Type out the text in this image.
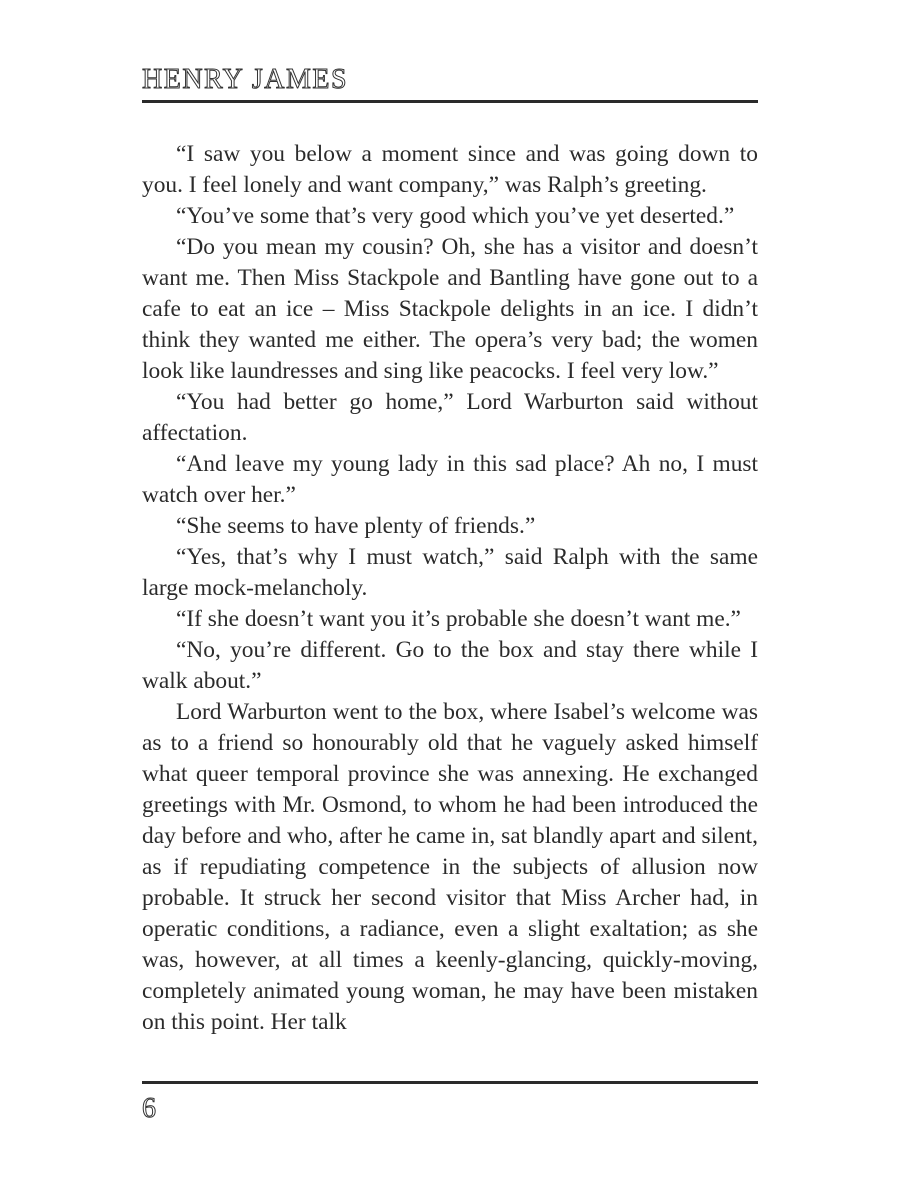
HENRY JAMES

“I saw you below a moment since and was going down to you. I feel lonely and want company,” was Ralph’s greeting.

“You’ve some that’s very good which you’ve yet deserted.”

“Do you mean my cousin? Oh, she has a visitor and doesn’t want me. Then Miss Stackpole and Bantling have gone out to a cafe to eat an ice – Miss Stackpole delights in an ice. I didn’t think they wanted me either. The opera’s very bad; the women look like laundresses and sing like peacocks. I feel very low.”

“You had better go home,” Lord Warburton said without affectation.

“And leave my young lady in this sad place? Ah no, I must watch over her.”

“She seems to have plenty of friends.”

“Yes, that’s why I must watch,” said Ralph with the same large mock-melancholy.

“If she doesn’t want you it’s probable she doesn’t want me.”

“No, you’re different. Go to the box and stay there while I walk about.”

Lord Warburton went to the box, where Isabel’s welcome was as to a friend so honourably old that he vaguely asked himself what queer temporal province she was annexing. He exchanged greetings with Mr. Osmond, to whom he had been introduced the day before and who, after he came in, sat blandly apart and silent, as if repudiating competence in the subjects of allusion now probable. It struck her second visitor that Miss Archer had, in operatic conditions, a radiance, even a slight exaltation; as she was, however, at all times a keenly-glancing, quickly-moving, completely animated young woman, he may have been mistaken on this point. Her talk

6
